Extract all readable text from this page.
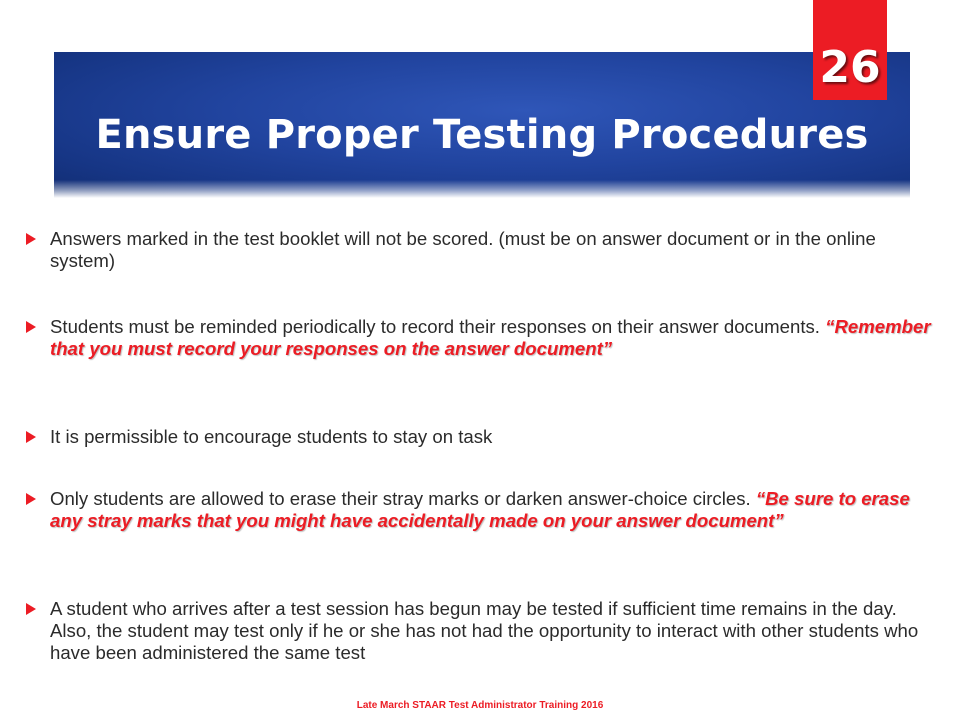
Ensure Proper Testing Procedures
26
Answers marked in the test booklet will not be scored. (must be on answer document or in the online system)
Students must be reminded periodically to record their responses on their answer documents. “Remember that you must record your responses on the answer document”
It is permissible to encourage students to stay on task
Only students are allowed to erase their stray marks or darken answer-choice circles. “Be sure to erase any stray marks that you might have accidentally made on your answer document”
A student who arrives after a test session has begun may be tested if sufficient time remains in the day. Also, the student may test only if he or she has not had the opportunity to interact with other students who have been administered the same test
Late March STAAR Test Administrator Training 2016
